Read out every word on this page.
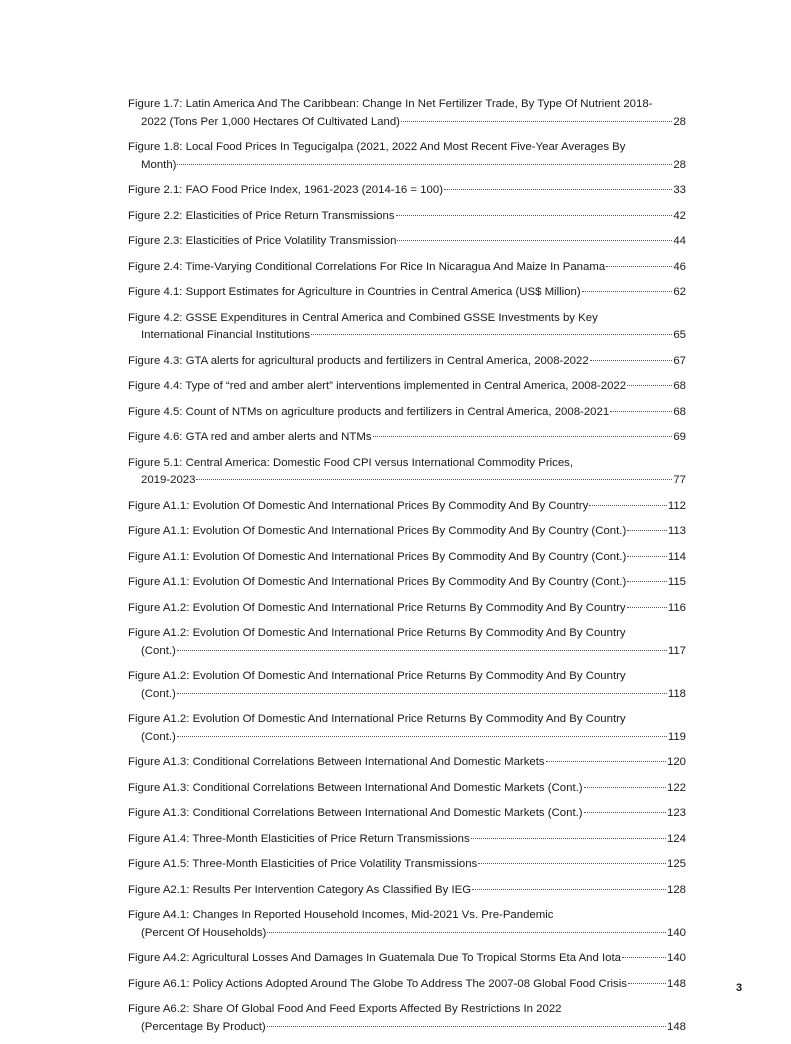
Figure 1.7: Latin America And The Caribbean: Change In Net Fertilizer Trade, By Type Of Nutrient 2018-
2022 (Tons Per 1,000 Hectares Of Cultivated Land)	28
Figure 1.8: Local Food Prices In Tegucigalpa (2021, 2022 And Most Recent Five-Year Averages By
Month)	28
Figure 2.1: FAO Food Price Index, 1961-2023 (2014-16 = 100)	33
Figure 2.2: Elasticities of Price Return Transmissions	42
Figure 2.3: Elasticities of Price Volatility Transmission	44
Figure 2.4: Time-Varying Conditional Correlations For Rice In Nicaragua And Maize In Panama	46
Figure 4.1: Support Estimates for Agriculture in Countries in Central America (US$ Million)	62
Figure 4.2: GSSE Expenditures in Central America and Combined GSSE Investments by Key
International Financial Institutions	65
Figure 4.3: GTA alerts for agricultural products and fertilizers in Central America, 2008-2022	67
Figure 4.4: Type of “red and amber alert” interventions implemented in Central America, 2008-2022	68
Figure 4.5: Count of NTMs on agriculture products and fertilizers in Central America, 2008-2021	68
Figure 4.6: GTA red and amber alerts and NTMs	69
Figure 5.1: Central America: Domestic Food CPI versus International Commodity Prices,
2019-2023	77
Figure A1.1: Evolution Of Domestic And International Prices By Commodity And By Country	112
Figure A1.1: Evolution Of Domestic And International Prices By Commodity And By Country (Cont.)	113
Figure A1.1: Evolution Of Domestic And International Prices By Commodity And By Country (Cont.)	114
Figure A1.1: Evolution Of Domestic And International Prices By Commodity And By Country (Cont.)	115
Figure A1.2: Evolution Of Domestic And International Price Returns By Commodity And By Country	116
Figure A1.2: Evolution Of Domestic And International Price Returns By Commodity And By Country
(Cont.)	117
Figure A1.2: Evolution Of Domestic And International Price Returns By Commodity And By Country
(Cont.)	118
Figure A1.2: Evolution Of Domestic And International Price Returns By Commodity And By Country
(Cont.)	119
Figure A1.3: Conditional Correlations Between International And Domestic Markets	120
Figure A1.3: Conditional Correlations Between International And Domestic Markets (Cont.)	122
Figure A1.3: Conditional Correlations Between International And Domestic Markets (Cont.)	123
Figure A1.4: Three-Month Elasticities of Price Return Transmissions	124
Figure A1.5: Three-Month Elasticities of Price Volatility Transmissions	125
Figure A2.1: Results Per Intervention Category As Classified By IEG	128
Figure A4.1: Changes In Reported Household Incomes, Mid-2021 Vs. Pre-Pandemic
(Percent Of Households)	140
Figure A4.2: Agricultural Losses And Damages In Guatemala Due To Tropical Storms Eta And Iota	140
Figure A6.1: Policy Actions Adopted Around The Globe To Address The 2007-08 Global Food Crisis	148
Figure A6.2: Share Of Global Food And Feed Exports Affected By Restrictions In 2022
(Percentage By Product)	148
3
